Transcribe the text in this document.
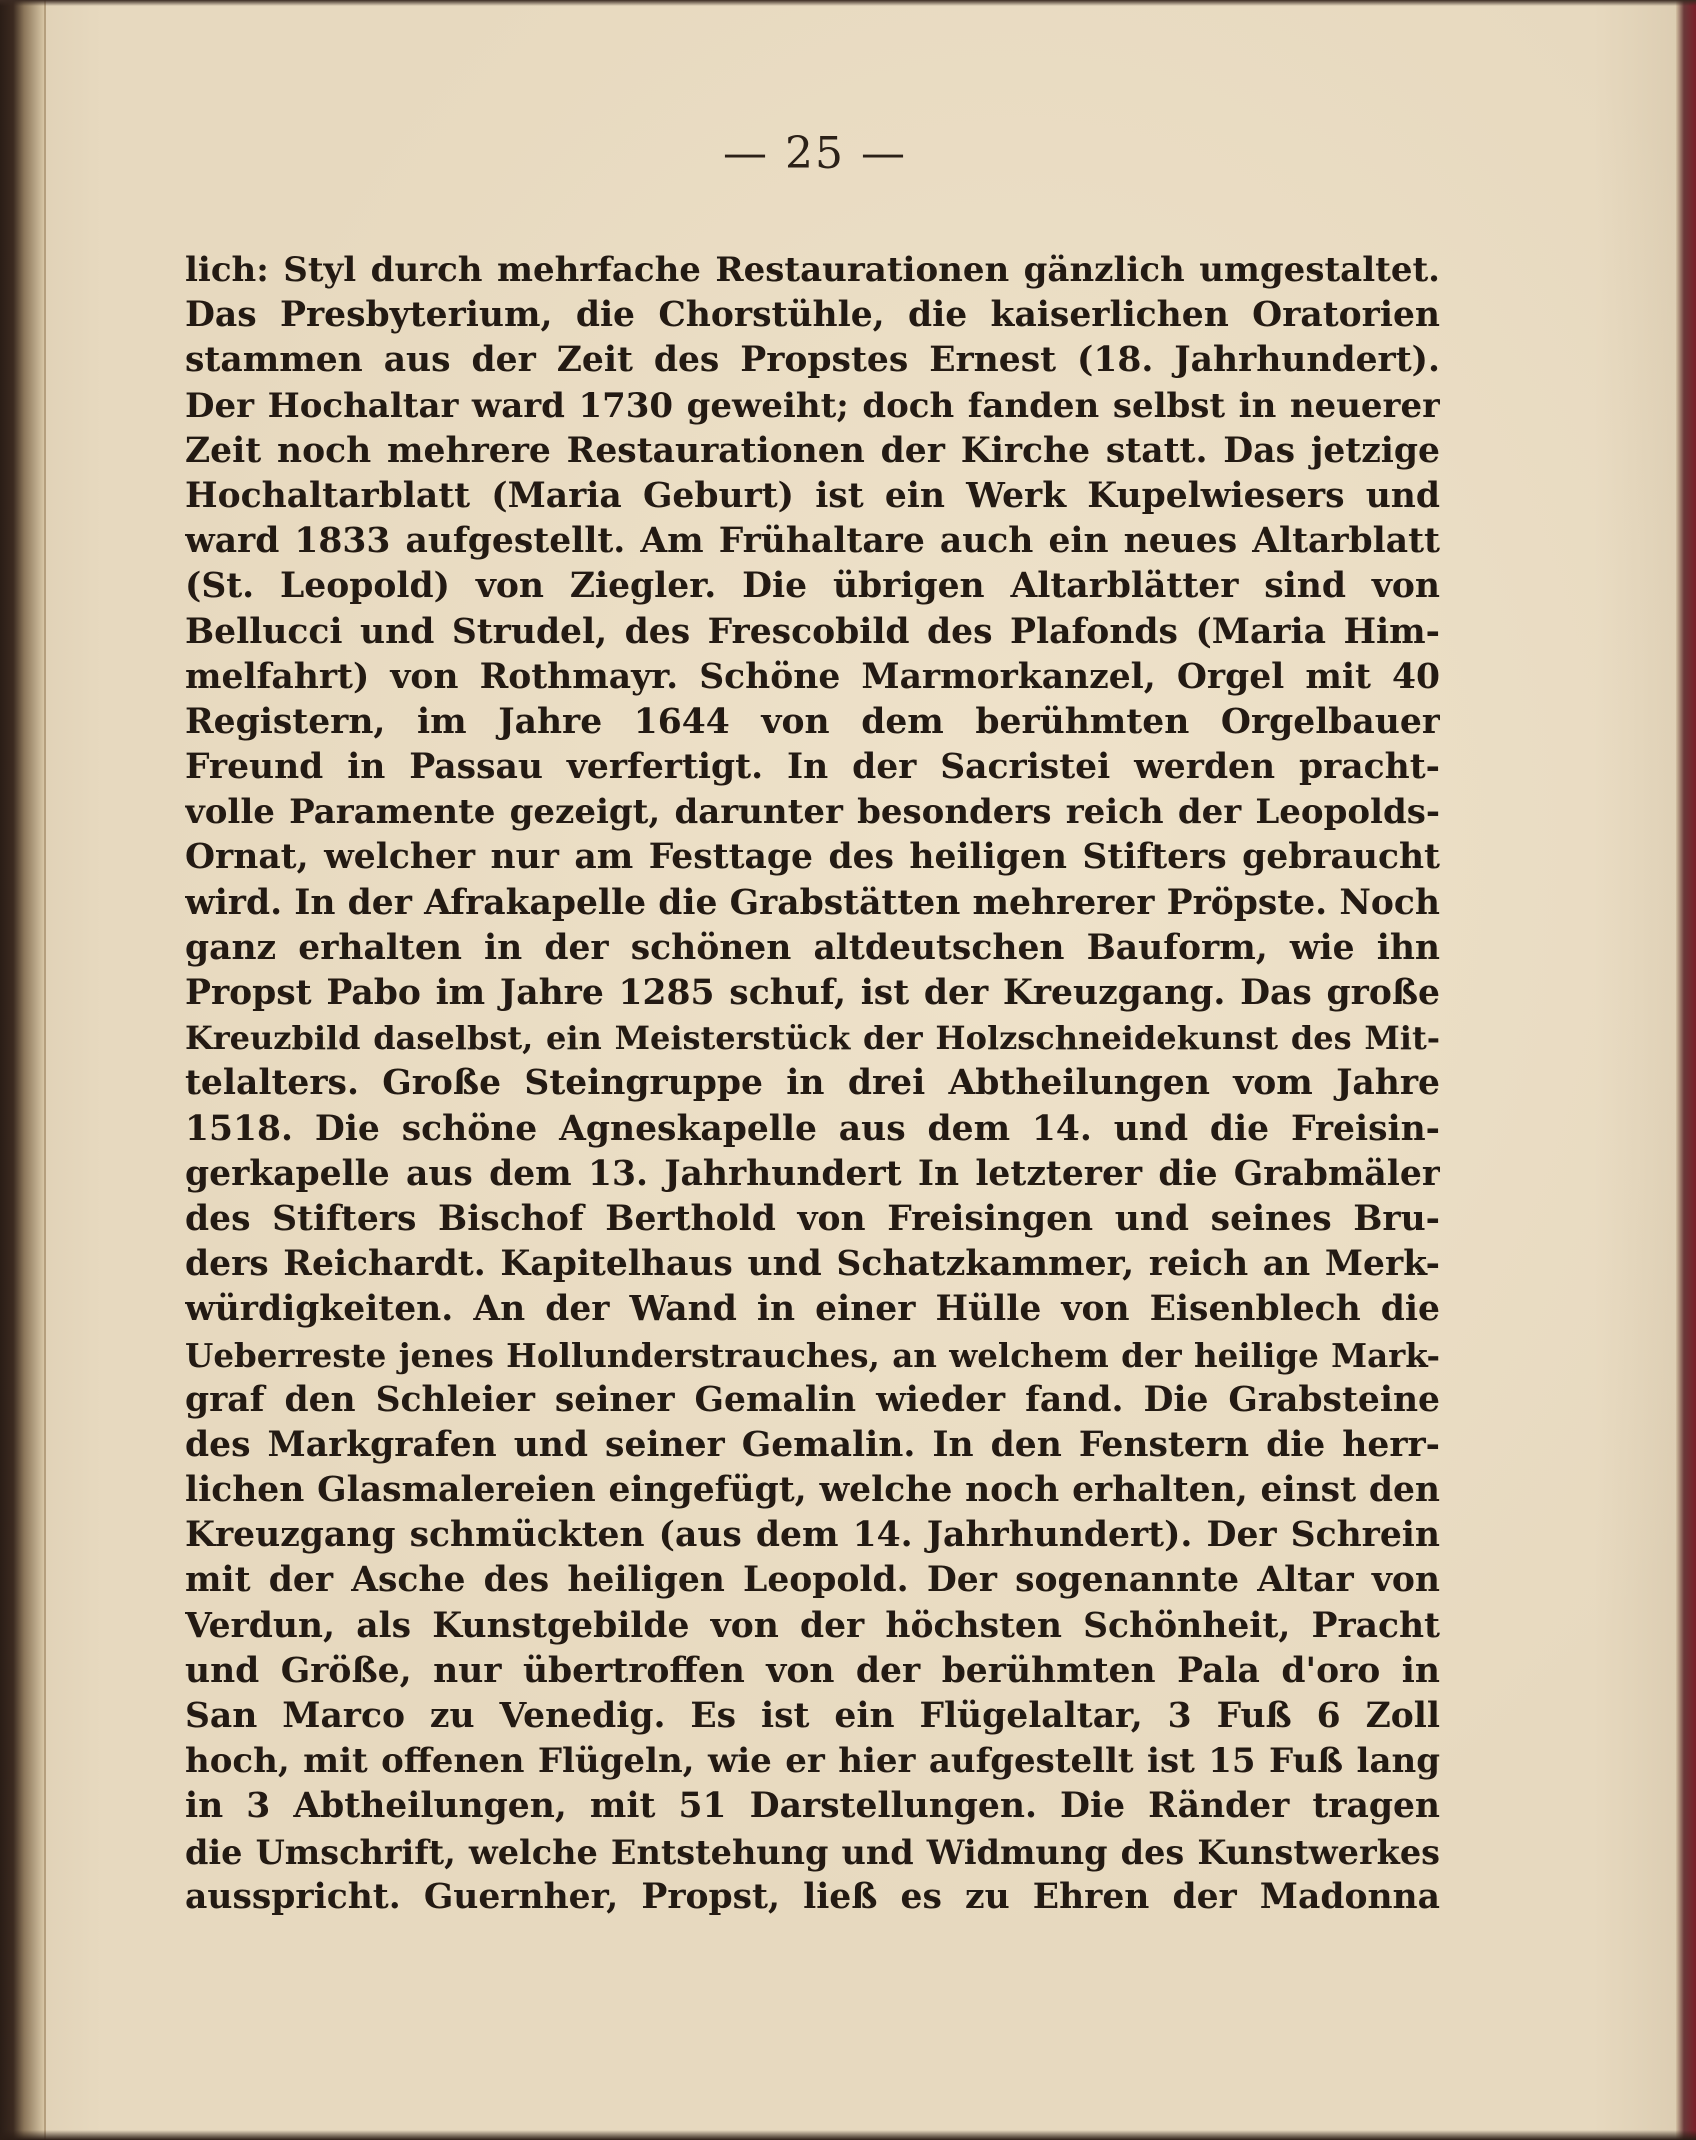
— 25 —
lich: Styl durch mehrfache Restaurationen gänzlich umgestaltet.
Das Presbyterium, die Chorstühle, die kaiserlichen Oratorien
stammen aus der Zeit des Propstes Ernest (18. Jahrhundert).
Der Hochaltar ward 1730 geweiht; doch fanden selbst in neuerer
Zeit noch mehrere Restaurationen der Kirche statt. Das jetzige
Hochaltarblatt (Maria Geburt) ist ein Werk Kupelwiesers und
ward 1833 aufgestellt. Am Frühaltare auch ein neues Altarblatt
(St. Leopold) von Ziegler. Die übrigen Altarblätter sind von
Bellucci und Strudel, des Frescobild des Plafonds (Maria Him-
melfahrt) von Rothmayr. Schöne Marmorkanzel, Orgel mit 40
Registern, im Jahre 1644 von dem berühmten Orgelbauer
Freund in Passau verfertigt. In der Sacristei werden pracht-
volle Paramente gezeigt, darunter besonders reich der Leopolds-
Ornat, welcher nur am Festtage des heiligen Stifters gebraucht
wird. In der Afrakapelle die Grabstätten mehrerer Pröpste. Noch
ganz erhalten in der schönen altdeutschen Bauform, wie ihn
Propst Pabo im Jahre 1285 schuf, ist der Kreuzgang. Das große
Kreuzbild daselbst, ein Meisterstück der Holzschneidekunst des Mit-
telalters. Große Steingruppe in drei Abtheilungen vom Jahre
1518. Die schöne Agneskapelle aus dem 14. und die Freisin-
gerkapelle aus dem 13. Jahrhundert In letzterer die Grabmäler
des Stifters Bischof Berthold von Freisingen und seines Bru-
ders Reichardt. Kapitelhaus und Schatzkammer, reich an Merk-
würdigkeiten. An der Wand in einer Hülle von Eisenblech die
Ueberreste jenes Hollunderstrauches, an welchem der heilige Mark-
graf den Schleier seiner Gemalin wieder fand. Die Grabsteine
des Markgrafen und seiner Gemalin. In den Fenstern die herr-
lichen Glasmalereien eingefügt, welche noch erhalten, einst den
Kreuzgang schmückten (aus dem 14. Jahrhundert). Der Schrein
mit der Asche des heiligen Leopold. Der sogenannte Altar von
Verdun, als Kunstgebilde von der höchsten Schönheit, Pracht
und Größe, nur übertroffen von der berühmten Pala d'oro in
San Marco zu Venedig. Es ist ein Flügelaltar, 3 Fuß 6 Zoll
hoch, mit offenen Flügeln, wie er hier aufgestellt ist 15 Fuß lang
in 3 Abtheilungen, mit 51 Darstellungen. Die Ränder tragen
die Umschrift, welche Entstehung und Widmung des Kunstwerkes
ausspricht. Guernher, Propst, ließ es zu Ehren der Madonna
